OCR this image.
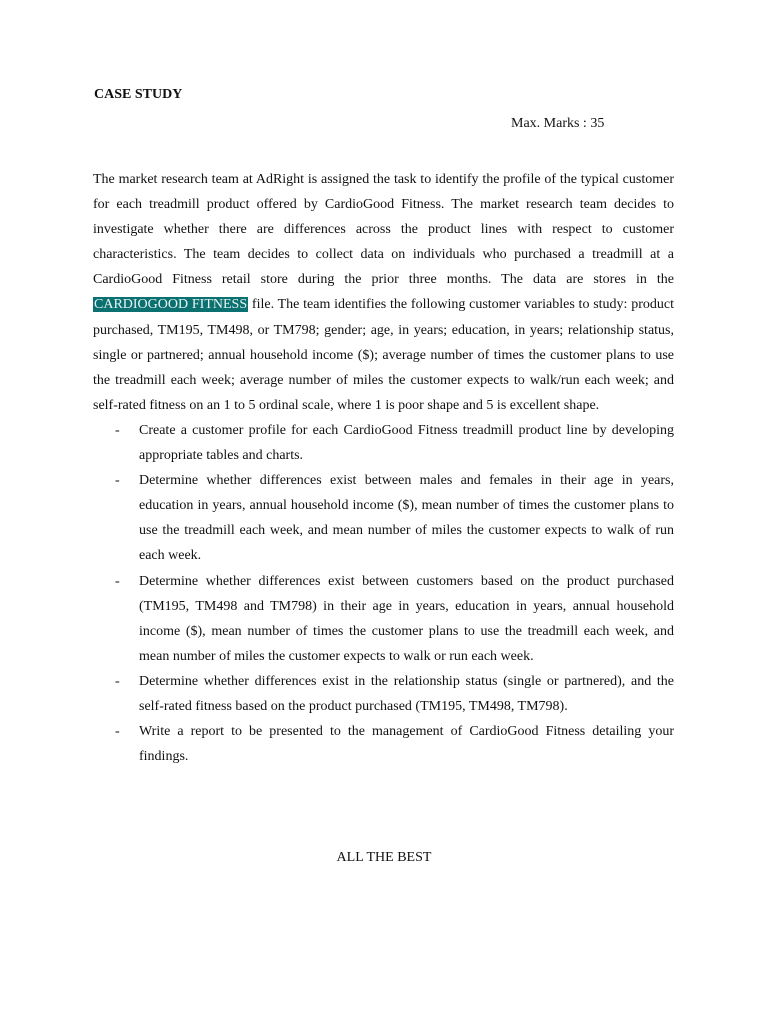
CASE STUDY
Max. Marks : 35

The market research team at AdRight is assigned the task to identify the profile of the typical customer for each treadmill product offered by CardioGood Fitness. The market research team decides to investigate whether there are differences across the product lines with respect to customer characteristics. The team decides to collect data on individuals who purchased a treadmill at a CardioGood Fitness retail store during the prior three months. The data are stores in the CARDIOGOOD FITNESS file. The team identifies the following customer variables to study: product purchased, TM195, TM498, or TM798; gender; age, in years; education, in years; relationship status, single or partnered; annual household income ($); average number of times the customer plans to use the treadmill each week; average number of miles the customer expects to walk/run each week; and self-rated fitness on an 1 to 5 ordinal scale, where 1 is poor shape and 5 is excellent shape.

- Create a customer profile for each CardioGood Fitness treadmill product line by developing appropriate tables and charts.
- Determine whether differences exist between males and females in their age in years, education in years, annual household income ($), mean number of times the customer plans to use the treadmill each week, and mean number of miles the customer expects to walk of run each week.
- Determine whether differences exist between customers based on the product purchased (TM195, TM498 and TM798) in their age in years, education in years, annual household income ($), mean number of times the customer plans to use the treadmill each week, and mean number of miles the customer expects to walk or run each week.
- Determine whether differences exist in the relationship status (single or partnered), and the self-rated fitness based on the product purchased (TM195, TM498, TM798).
- Write a report to be presented to the management of CardioGood Fitness detailing your findings.
ALL THE BEST
